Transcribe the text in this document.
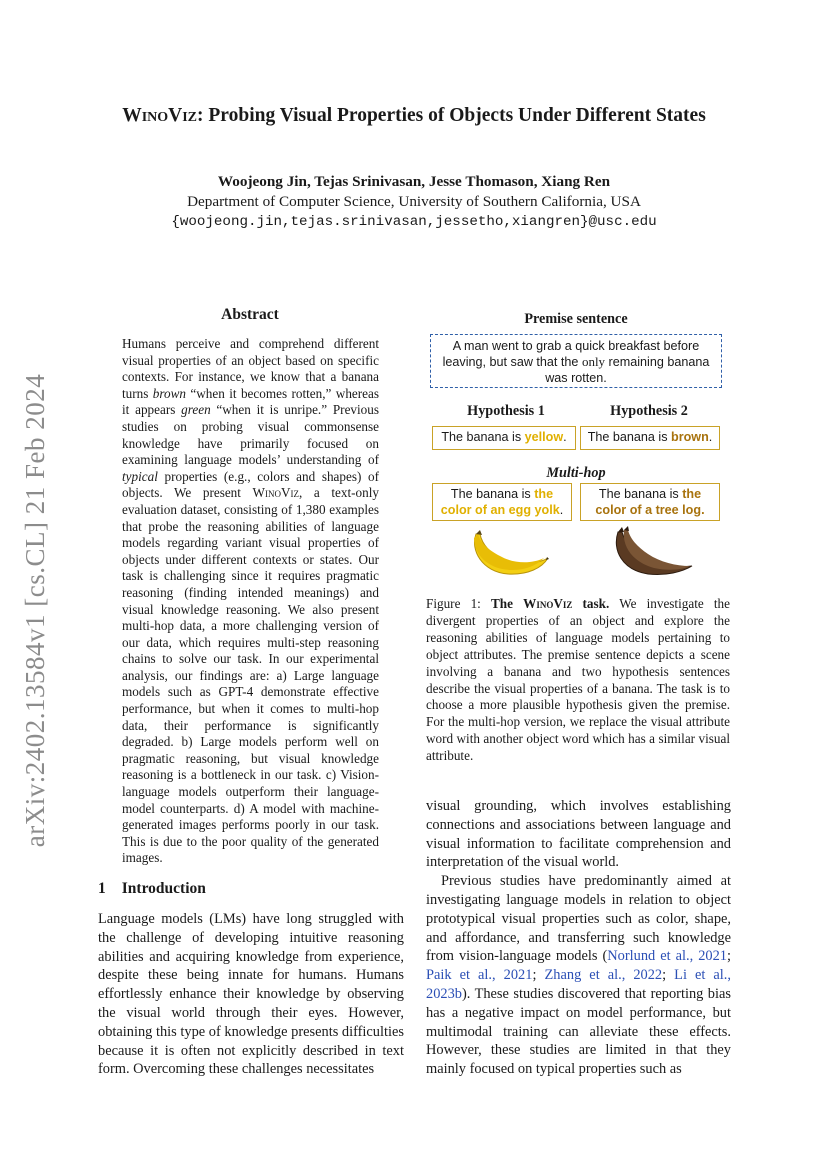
arXiv:2402.13584v1 [cs.CL] 21 Feb 2024
WinoViz: Probing Visual Properties of Objects Under Different States
Woojeong Jin, Tejas Srinivasan, Jesse Thomason, Xiang Ren
Department of Computer Science, University of Southern California, USA
{woojeong.jin,tejas.srinivasan,jessetho,xiangren}@usc.edu
Abstract

Humans perceive and comprehend different visual properties of an object based on specific contexts. For instance, we know that a banana turns brown “when it becomes rotten,” whereas it appears green “when it is unripe.” Previous studies on probing visual commonsense knowledge have primarily focused on examining language models’ understanding of typical properties (e.g., colors and shapes) of objects. We present WinoViz, a text-only evaluation dataset, consisting of 1,380 examples that probe the reasoning abilities of language models regarding variant visual properties of objects under different contexts or states. Our task is challenging since it requires pragmatic reasoning (finding intended meanings) and visual knowledge reasoning. We also present multi-hop data, a more challenging version of our data, which requires multi-step reasoning chains to solve our task. In our experimental analysis, our findings are: a) Large language models such as GPT-4 demonstrate effective performance, but when it comes to multi-hop data, their performance is significantly degraded. b) Large models perform well on pragmatic reasoning, but visual knowledge reasoning is a bottleneck in our task. c) Vision-language models outperform their language-model counterparts. d) A model with machine-generated images performs poorly in our task. This is due to the poor quality of the generated images.

1 Introduction

Language models (LMs) have long struggled with the challenge of developing intuitive reasoning abilities and acquiring knowledge from experience, despite these being innate for humans. Humans effortlessly enhance their knowledge by observing the visual world through their eyes. However, obtaining this type of knowledge presents difficulties because it is often not explicitly described in text form. Overcoming these challenges necessitates

Premise sentence
A man went to grab a quick breakfast before leaving, but saw that the only remaining banana was rotten.
Hypothesis 1	Hypothesis 2
The banana is yellow.	The banana is brown.
Multi-hop
The banana is the
color of an egg yolk.
The banana is the
color of a tree log.

Figure 1: The WinoViz task. We investigate the divergent properties of an object and explore the reasoning abilities of language models pertaining to object attributes. The premise sentence depicts a scene involving a banana and two hypothesis sentences describe the visual properties of a banana. The task is to choose a more plausible hypothesis given the premise. For the multi-hop version, we replace the visual attribute word with another object word which has a similar visual attribute.

visual grounding, which involves establishing connections and associations between language and visual information to facilitate comprehension and interpretation of the visual world.
Previous studies have predominantly aimed at investigating language models in relation to object prototypical visual properties such as color, shape, and affordance, and transferring such knowledge from vision-language models (Norlund et al., 2021; Paik et al., 2021; Zhang et al., 2022; Li et al., 2023b). These studies discovered that reporting bias has a negative impact on model performance, but multimodal training can alleviate these effects. However, these studies are limited in that they mainly focused on typical properties such as
